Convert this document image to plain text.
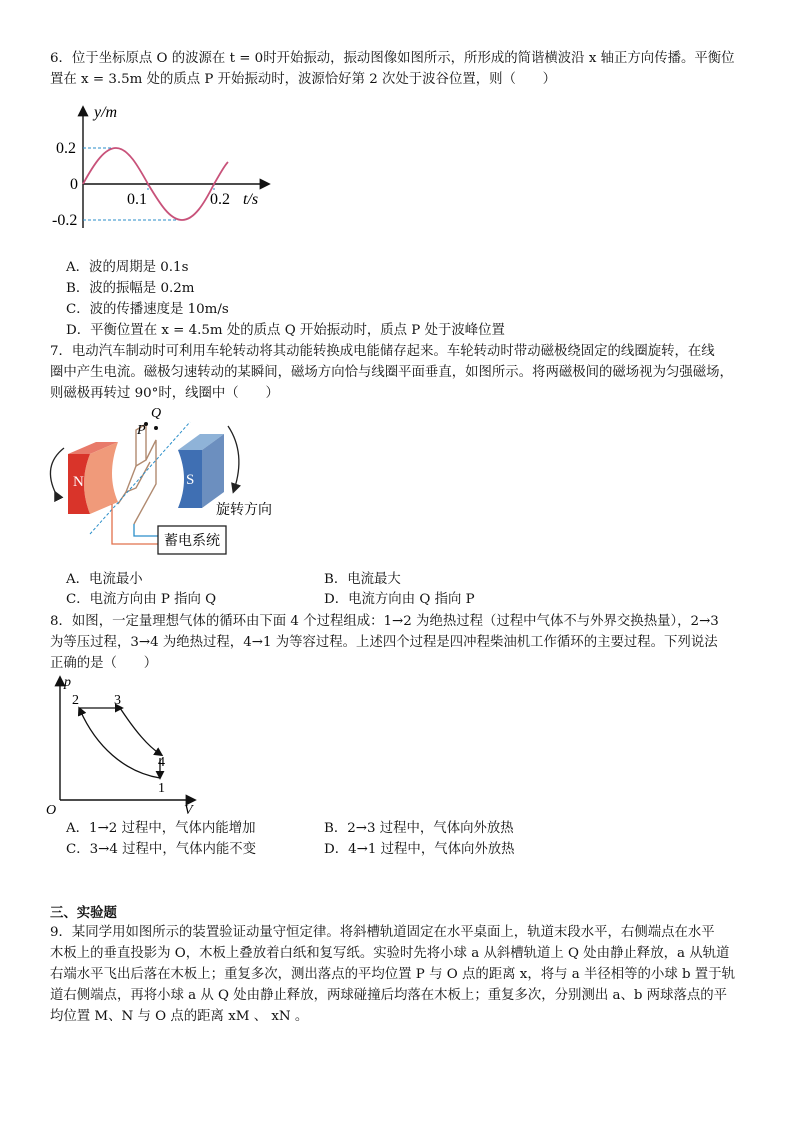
6．位于坐标原点 O 的波源在 t = 0时开始振动，振动图像如图所示，所形成的简谐横波沿 x 轴正方向传播。平衡位

置在 x = 3.5m 处的质点 P 开始振动时，波源恰好第 2 次处于波谷位置，则（　　）

y/m
0.2
0
-0.2
0.1	0.2 t/s
A．波的周期是 0.1s
B．波的振幅是 0.2m
C．波的传播速度是 10m/s
D．平衡位置在 x = 4.5m 处的质点 Q 开始振动时，质点 P 处于波峰位置

7．电动汽车制动时可利用车轮转动将其动能转换成电能储存起来。车轮转动时带动磁极绕固定的线圈旋转，在线

圈中产生电流。磁极匀速转动的某瞬间，磁场方向恰与线圈平面垂直，如图所示。将两磁极间的磁场视为匀强磁场，

则磁极再转过 90°时，线圈中（　　）

N
P
Q
S
旋转方向
蓄电系统
A．电流最小	B．电流最大
C．电流方向由 P 指向 Q	D．电流方向由 Q 指向 P

8．如图，一定量理想气体的循环由下面 4 个过程组成：1→2 为绝热过程（过程中气体不与外界交换热量），2→3

为等压过程，3→4 为绝热过程，4→1 为等容过程。上述四个过程是四冲程柴油机工作循环的主要过程。下列说法

正确的是（　　）

p
V
O
2	3
4
1
A．1→2 过程中，气体内能增加	B．2→3 过程中，气体向外放热
C．3→4 过程中，气体内能不变	D．4→1 过程中，气体向外放热
三、实验题

9．某同学用如图所示的装置验证动量守恒定律。将斜槽轨道固定在水平桌面上，轨道末段水平，右侧端点在水平

木板上的垂直投影为 O，木板上叠放着白纸和复写纸。实验时先将小球 a 从斜槽轨道上 Q 处由静止释放，a 从轨道

右端水平飞出后落在木板上；重复多次，测出落点的平均位置 P 与 O 点的距离 x，将与 a 半径相等的小球 b 置于轨

道右侧端点，再将小球 a 从 Q 处由静止释放，两球碰撞后均落在木板上；重复多次，分别测出 a、b 两球落点的平

均位置 M、N 与 O 点的距离 xM 、 xN 。
